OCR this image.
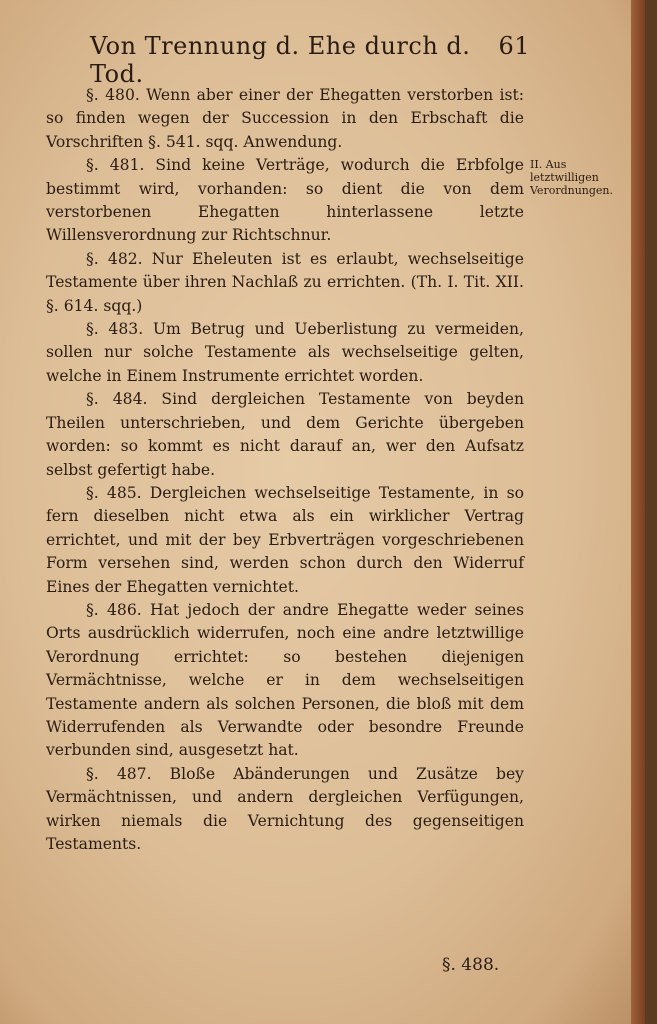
Von Trennung d. Ehe durch d. Tod.
61

§. 480. Wenn aber einer der Ehegatten verstorben ist: so finden wegen der Succession in den Erbschaft die Vorschriften §. 541. sqq. Anwendung.

§. 481. Sind keine Verträge, wodurch die Erbfolge bestimmt wird, vorhanden: so dient die von dem verstorbenen Ehegatten hinterlassene letzte Willensverordnung zur Richtschnur.

§. 482. Nur Eheleuten ist es erlaubt, wechselseitige Testamente über ihren Nachlaß zu errichten. (Th. I. Tit. XII. §. 614. sqq.)

§. 483. Um Betrug und Ueberlistung zu vermeiden, sollen nur solche Testamente als wechselseitige gelten, welche in Einem Instrumente errichtet worden.

§. 484. Sind dergleichen Testamente von beyden Theilen unterschrieben, und dem Gerichte übergeben worden: so kommt es nicht darauf an, wer den Aufsatz selbst gefertigt habe.

§. 485. Dergleichen wechselseitige Testamente, in so fern dieselben nicht etwa als ein wirklicher Vertrag errichtet, und mit der bey Erbverträgen vorgeschriebenen Form versehen sind, werden schon durch den Widerruf Eines der Ehegatten vernichtet.

§. 486. Hat jedoch der andre Ehegatte weder seines Orts ausdrücklich widerrufen, noch eine andre letztwillige Verordnung errichtet: so bestehen diejenigen Vermächtnisse, welche er in dem wechselseitigen Testamente andern als solchen Personen, die bloß mit dem Widerrufenden als Verwandte oder besondre Freunde verbunden sind, ausgesetzt hat.

§. 487. Bloße Abänderungen und Zusätze bey Vermächtnissen, und andern dergleichen Verfügungen, wirken niemals die Vernichtung des gegenseitigen Testaments.

II. Aus letztwilligen Verordnungen.
§. 488.
